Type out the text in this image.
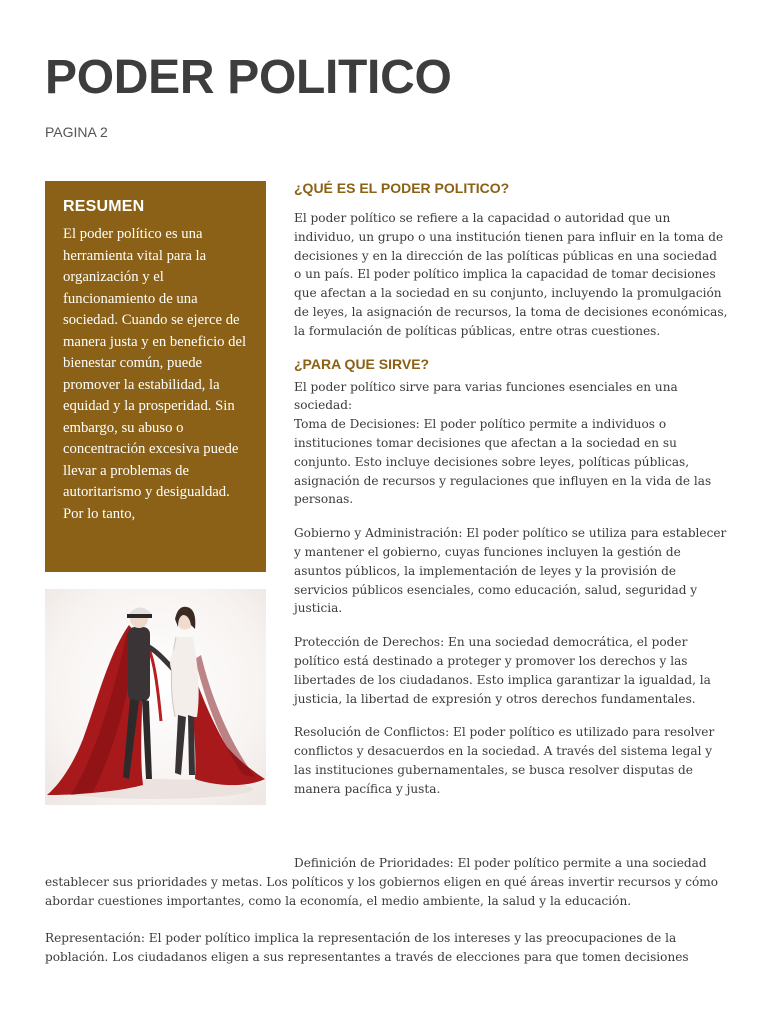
PODER POLITICO
PAGINA 2
RESUMEN

El poder político es una herramienta vital para la organización y el funcionamiento de una sociedad. Cuando se ejerce de manera justa y en beneficio del bienestar común, puede promover la estabilidad, la equidad y la prosperidad. Sin embargo, su abuso o concentración excesiva puede llevar a problemas de autoritarismo y desigualdad. Por lo tanto,

¿QUÉ ES EL PODER POLITICO?

El poder político se refiere a la capacidad o autoridad que un individuo, un grupo o una institución tienen para influir en la toma de decisiones y en la dirección de las políticas públicas en una sociedad o un país. El poder político implica la capacidad de tomar decisiones que afectan a la sociedad en su conjunto, incluyendo la promulgación de leyes, la asignación de recursos, la toma de decisiones económicas, la formulación de políticas públicas, entre otras cuestiones.

¿PARA QUE SIRVE?

El poder político sirve para varias funciones esenciales en una sociedad:

Toma de Decisiones: El poder político permite a individuos o instituciones tomar decisiones que afectan a la sociedad en su conjunto. Esto incluye decisiones sobre leyes, políticas públicas, asignación de recursos y regulaciones que influyen en la vida de las personas.

Gobierno y Administración: El poder político se utiliza para establecer y mantener el gobierno, cuyas funciones incluyen la gestión de asuntos públicos, la implementación de leyes y la provisión de servicios públicos esenciales, como educación, salud, seguridad y justicia.

Protección de Derechos: En una sociedad democrática, el poder político está destinado a proteger y promover los derechos y las libertades de los ciudadanos. Esto implica garantizar la igualdad, la justicia, la libertad de expresión y otros derechos fundamentales.

Resolución de Conflictos: El poder político es utilizado para resolver conflictos y desacuerdos en la sociedad. A través del sistema legal y las instituciones gubernamentales, se busca resolver disputas de manera pacífica y justa.

Definición de Prioridades: El poder político permite a una sociedad establecer sus prioridades y metas. Los políticos y los gobiernos eligen en qué áreas invertir recursos y cómo abordar cuestiones importantes, como la economía, el medio ambiente, la salud y la educación.

Representación: El poder político implica la representación de los intereses y las preocupaciones de la población. Los ciudadanos eligen a sus representantes a través de elecciones para que tomen decisiones
